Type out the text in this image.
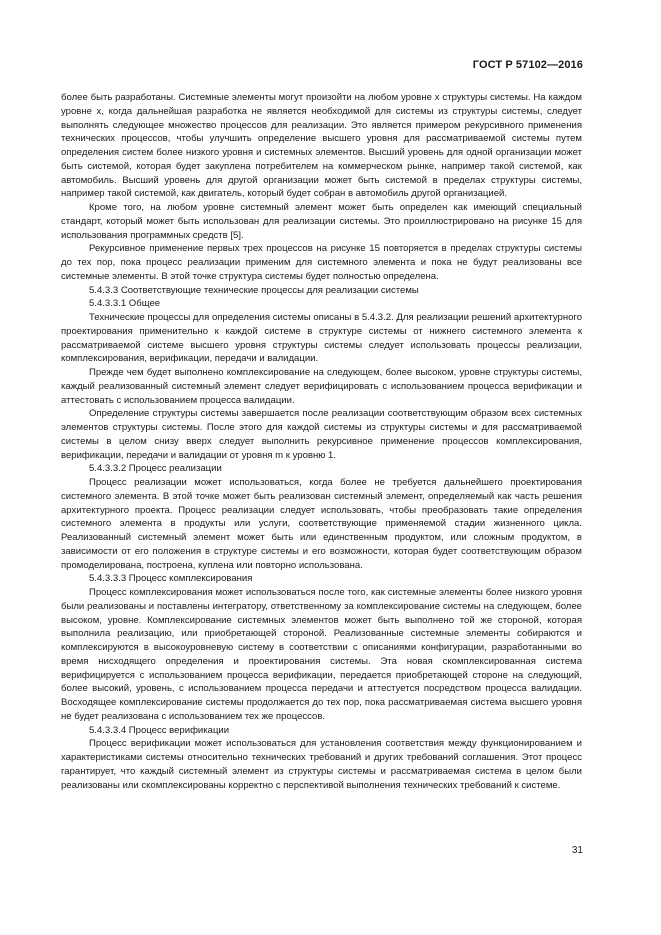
ГОСТ Р 57102—2016

более быть разработаны. Системные элементы могут произойти на любом уровне х структуры системы. На каждом уровне x, когда дальнейшая разработка не является необходимой для системы из структуры системы, следует выполнять следующее множество процессов для реализации. Это является примером рекурсивного применения технических процессов, чтобы улучшить определение высшего уровня для рассматриваемой системы путем определения систем более низкого уровня и системных элементов. Высший уровень для одной организации может быть системой, которая будет закуплена потребителем на коммерческом рынке, например такой системой, как автомобиль. Высший уровень для другой организации может быть системой в пределах структуры системы, например такой системой, как двигатель, который будет собран в автомобиль другой организацией.

Кроме того, на любом уровне системный элемент может быть определен как имеющий специальный стандарт, который может быть использован для реализации системы. Это проиллюстрировано на рисунке 15 для использования программных средств [5].

Рекурсивное применение первых трех процессов на рисунке 15 повторяется в пределах структуры системы до тех пор, пока процесс реализации применим для системного элемента и пока не будут реализованы все системные элементы. В этой точке структура системы будет полностью определена.

5.4.3.3 Соответствующие технические процессы для реализации системы

5.4.3.3.1 Общее

Технические процессы для определения системы описаны в 5.4.3.2. Для реализации решений архитектурного проектирования применительно к каждой системе в структуре системы от нижнего системного элемента к рассматриваемой системе высшего уровня структуры системы следует использовать процессы реализации, комплексирования, верификации, передачи и валидации.

Прежде чем будет выполнено комплексирование на следующем, более высоком, уровне структуры системы, каждый реализованный системный элемент следует верифицировать с использованием процесса верификации и аттестовать с использованием процесса валидации.

Определение структуры системы завершается после реализации соответствующим образом всех системных элементов структуры системы. После этого для каждой системы из структуры системы и для рассматриваемой системы в целом снизу вверх следует выполнить рекурсивное применение процессов комплексирования, верификации, передачи и валидации от уровня m к уровню 1.

5.4.3.3.2 Процесс реализации

Процесс реализации может использоваться, когда более не требуется дальнейшего проектирования системного элемента. В этой точке может быть реализован системный элемент, определяемый как часть решения архитектурного проекта. Процесс реализации следует использовать, чтобы преобразовать такие определения системного элемента в продукты или услуги, соответствующие применяемой стадии жизненного цикла. Реализованный системный элемент может быть или единственным продуктом, или сложным продуктом, в зависимости от его положения в структуре системы и его возможности, которая будет соответствующим образом промоделирована, построена, куплена или повторно использована.

5.4.3.3.3 Процесс комплексирования

Процесс комплексирования может использоваться после того, как системные элементы более низкого уровня были реализованы и поставлены интегратору, ответственному за комплексирование системы на следующем, более высоком, уровне. Комплексирование системных элементов может быть выполнено той же стороной, которая выполнила реализацию, или приобретающей стороной. Реализованные системные элементы собираются и комплексируются в высокоуровневую систему в соответствии с описаниями конфигурации, разработанными во время нисходящего определения и проектирования системы. Эта новая скомплексированная система верифицируется с использованием процесса верификации, передается приобретающей стороне на следующий, более высокий, уровень, с использованием процесса передачи и аттестуется посредством процесса валидации. Восходящее комплексирование системы продолжается до тех пор, пока рассматриваемая система высшего уровня не будет реализована с использованием тех же процессов.

5.4.3.3.4 Процесс верификации

Процесс верификации может использоваться для установления соответствия между функционированием и характеристиками системы относительно технических требований и других требований соглашения. Этот процесс гарантирует, что каждый системный элемент из структуры системы и рассматриваемая система в целом были реализованы или скомплексированы корректно с перспективой выполнения технических требований к системе.

31
